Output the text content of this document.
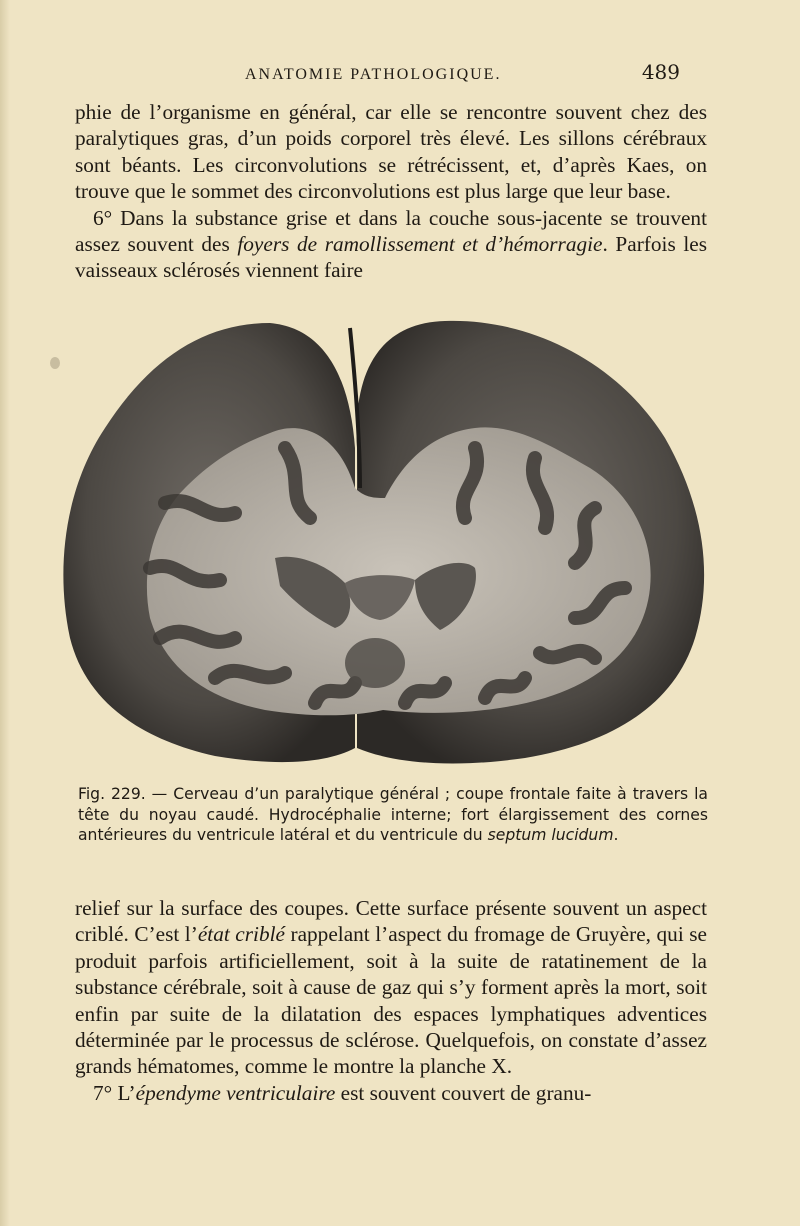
ANATOMIE PATHOLOGIQUE.	489

phie de l’organisme en général, car elle se rencontre souvent chez des paralytiques gras, d’un poids corporel très élevé. Les sillons cérébraux sont béants. Les circonvolutions se rétrécissent, et, d’après Kaes, on trouve que le sommet des circonvolutions est plus large que leur base.

6° Dans la substance grise et dans la couche sous-jacente se trouvent assez souvent des foyers de ramollissement et d’hémorragie. Parfois les vaisseaux sclérosés viennent faire

Fig. 229. — Cerveau d’un paralytique général ; coupe frontale faite à travers la tête du noyau caudé. Hydrocéphalie interne; fort élargissement des cornes antérieures du ventricule latéral et du ventricule du septum lucidum.

relief sur la surface des coupes. Cette surface présente souvent un aspect criblé. C’est l’état criblé rappelant l’aspect du fromage de Gruyère, qui se produit parfois artificiellement, soit à la suite de ratatinement de la substance cérébrale, soit à cause de gaz qui s’y forment après la mort, soit enfin par suite de la dilatation des espaces lymphatiques adventices déterminée par le processus de sclérose. Quelquefois, on constate d’assez grands hématomes, comme le montre la planche X.

7° L’épendyme ventriculaire est souvent couvert de granu-
